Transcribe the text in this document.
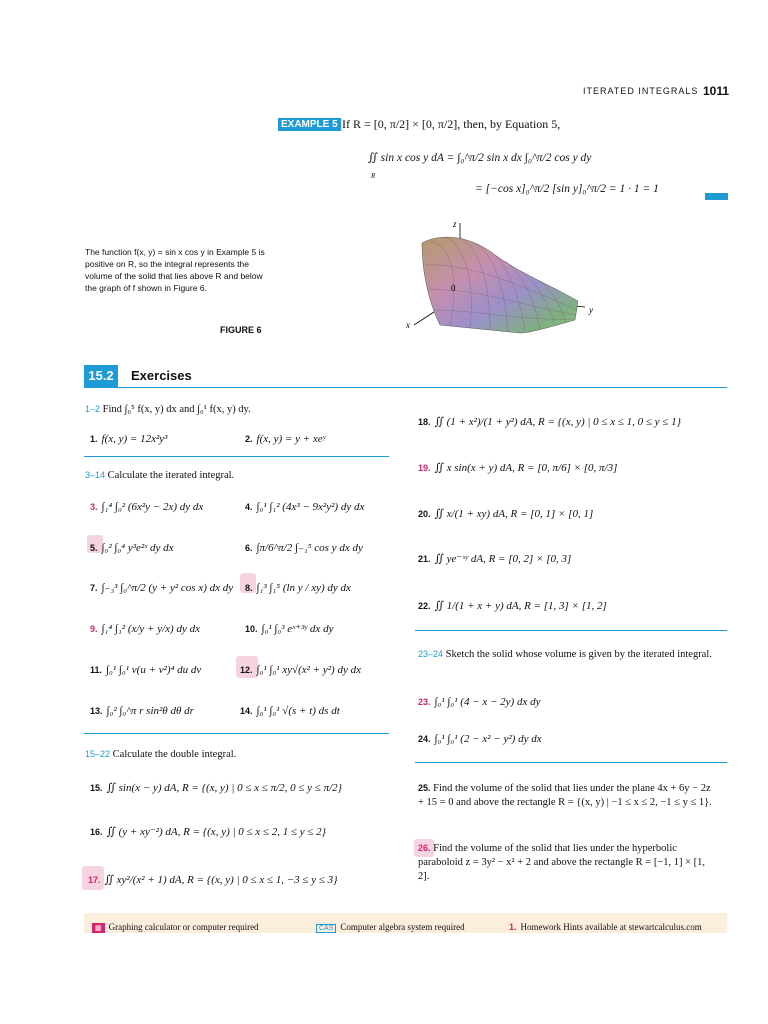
ITERATED INTEGRALS 1011
EXAMPLE 5 If R = [0, π/2] × [0, π/2], then, by Equation 5,
∬ sin x cos y dA = ∫₀^π/2 sin x dx ∫₀^π/2 cos y dy
R
= [−cos x]₀^π/2 [sin y]₀^π/2 = 1 · 1 = 1
The function f(x, y) = sin x cos y in Example 5 is positive on R, so the integral represents the volume of the solid that lies above R and below the graph of f shown in Figure 6.
FIGURE 6
z
x
y
0
15.2	Exercises
1–2 Find ∫₀⁵ f(x, y) dx and ∫₀¹ f(x, y) dy.
1. f(x, y) = 12x²y³	2. f(x, y) = y + xeʸ
3–14 Calculate the iterated integral.
3. ∫₁⁴ ∫₀² (6x²y − 2x) dy dx	4. ∫₀¹ ∫₁² (4x³ − 9x²y²) dy dx
5. ∫₀² ∫₀⁴ y³e²ˣ dy dx	6. ∫π/6^π/2 ∫₋₁⁵ cos y dx dy
7. ∫₋₃³ ∫₀^π/2 (y + y² cos x) dx dy 8. ∫₁³ ∫₁⁵ (ln y / xy) dy dx
9. ∫₁⁴ ∫₁² (x/y + y/x) dy dx	10. ∫₀¹ ∫₀³ eˣ⁺³ʸ dx dy
11. ∫₀¹ ∫₀¹ v(u + v²)⁴ du dv	12. ∫₀¹ ∫₀¹ xy√(x² + y²) dy dx
13. ∫₀² ∫₀^π r sin²θ dθ dr	14. ∫₀¹ ∫₀¹ √(s + t) ds dt
15–22 Calculate the double integral.
15. ∬ sin(x − y) dA, R = {(x, y) | 0 ≤ x ≤ π/2, 0 ≤ y ≤ π/2}
16. ∬ (y + xy⁻²) dA, R = {(x, y) | 0 ≤ x ≤ 2, 1 ≤ y ≤ 2}
17. ∬ xy²/(x² + 1) dA, R = {(x, y) | 0 ≤ x ≤ 1, −3 ≤ y ≤ 3}
18. ∬ (1 + x²)/(1 + y²) dA, R = {(x, y) | 0 ≤ x ≤ 1, 0 ≤ y ≤ 1}
19. ∬ x sin(x + y) dA, R = [0, π/6] × [0, π/3]
20. ∬ x/(1 + xy) dA, R = [0, 1] × [0, 1]
21. ∬ ye⁻ˣʸ dA, R = [0, 2] × [0, 3]
22. ∬ 1/(1 + x + y) dA, R = [1, 3] × [1, 2]
23–24 Sketch the solid whose volume is given by the iterated integral.
23. ∫₀¹ ∫₀¹ (4 − x − 2y) dx dy
24. ∫₀¹ ∫₀¹ (2 − x² − y²) dy dx
25. Find the volume of the solid that lies under the plane 4x + 6y − 2z + 15 = 0 and above the rectangle R = {(x, y) | −1 ≤ x ≤ 2, −1 ≤ y ≤ 1}.
26. Find the volume of the solid that lies under the hyperbolic paraboloid z = 3y² − x² + 2 and above the rectangle R = [−1, 1] × [1, 2].
▦ Graphing calculator or computer required	CAS Computer algebra system required	1. Homework Hints available at stewartcalculus.com
